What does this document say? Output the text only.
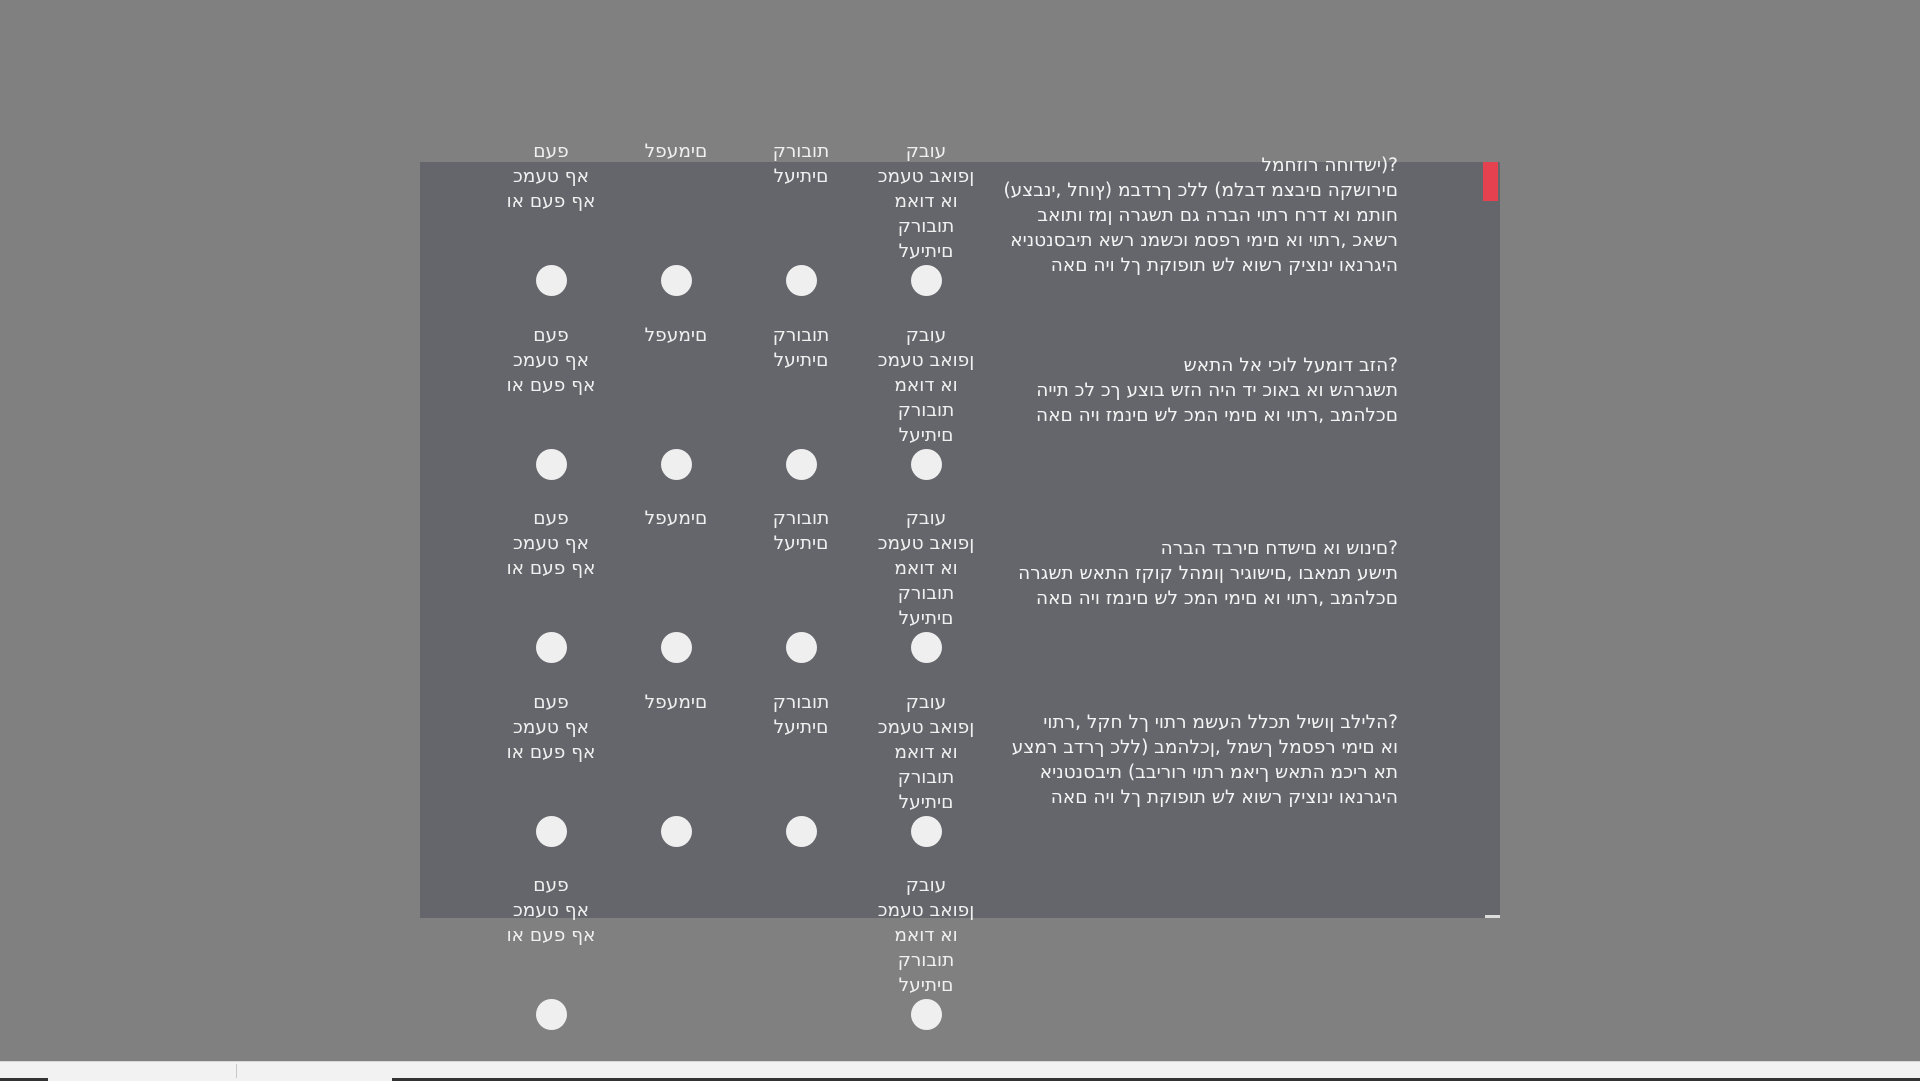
?(ישדוחה רוזחמל
םירושקה םיבצמ דבלמ) ללכ ךרדבמ (ץוחל ,ינבצע)
חותמ וא דרח רתוי הברה גם תשגרה ןמז ותואב
רשאכ ,רתוי וא םימי רפסמ וכשמנ רשא תיבסנטניא
היגרנאו ינוציק רשוא לש תופוקת ךל ויה םאה
עובק
ןפואב טעמכ
וא דואמ
תובורק
םיתיעל
תובורק
םיתיעל
םימעפל
פעם
אף טעמכ
אף פעם או
?הזב דומעל לוכי אל התאש
תשגרהש וא באוכ יד היה הזש בוצע ךכ לכ תייה
םכלהמב ,רתוי וא םימי המכ לש םינמז ויה םאה
עובק
ןפואב טעמכ
וא דואמ
תובורק
םיתיעל
תובורק
םיתיעל
םימעפל
פעם
אף טעמכ
אף פעם או
?םינוש וא םישדח םירבד הברה
תישע תמאבו ,םישוגיר ןומהל קוקז התאש תשגרה
םכלהמב ,רתוי וא םימי המכ לש םינמז ויה םאה
עובק
ןפואב טעמכ
וא דואמ
תובורק
םיתיעל
תובורק
םיתיעל
םימעפל
פעם
אף טעמכ
אף פעם או
?הלילב ןושיל תכלל העשמ רתוי ךל חקל ,רתוי
וא םימי רפסמל ךשמל ,ןכלהמב (ללכ ךרדב רמצע
תא ריכמ התאש ךיאמ רתוי רוריבב) תיבסנטניא
היגרנאו ינוציק רשוא לש תופוקת ךל ויה םאה
עובק
ןפואב טעמכ
וא דואמ
תובורק
םיתיעל
תובורק
םיתיעל
םימעפל
פעם
אף טעמכ
אף פעם או
עובק
ןפואב טעמכ
וא דואמ
תובורק
םיתיעל
פעם
אף טעמכ
אף פעם או
